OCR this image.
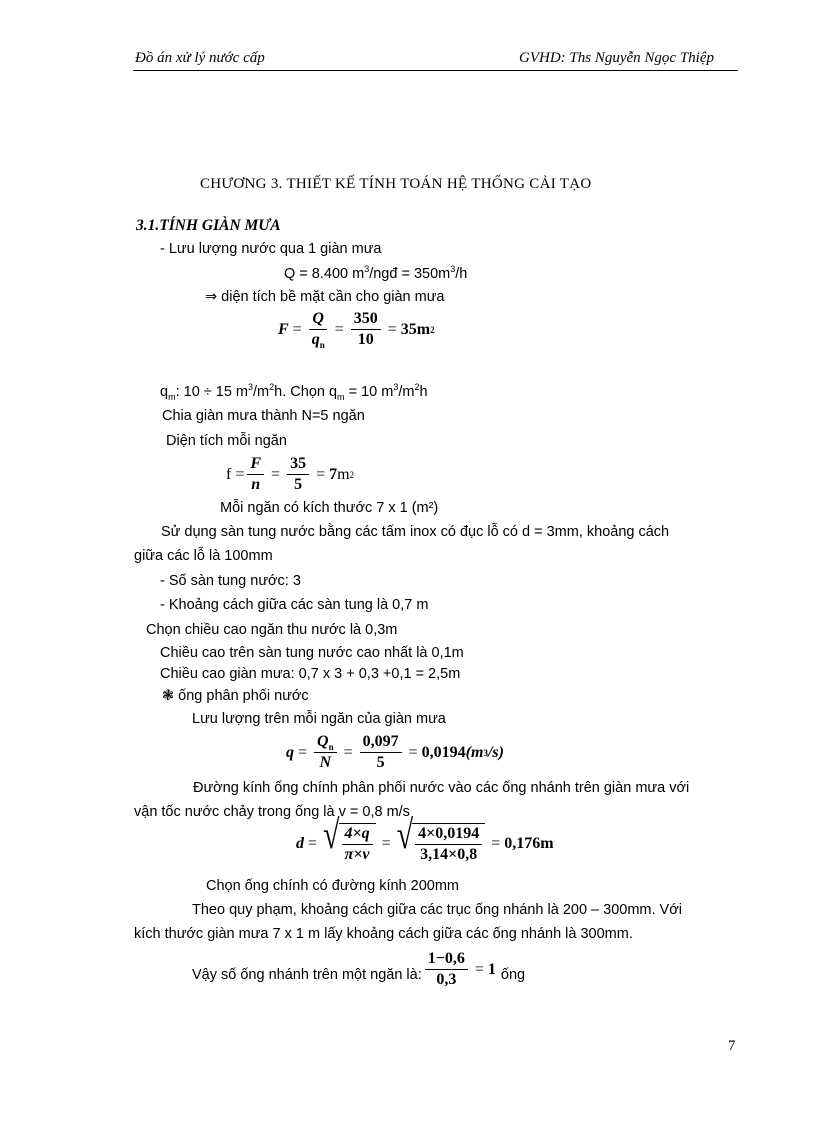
Đồ án xử lý nước cấp	GVHD: Ths Nguyễn Ngọc Thiệp
CHƯƠNG 3. THIẾT KẾ TÍNH TOÁN HỆ THỐNG CẢI TẠO
3.1.TÍNH GIÀN MƯA
- Lưu lượng nước qua 1 giàn mưa
Q = 8.400 $m^3$/ngđ = $350m^3/h$
⇒ diện tích bề mặt cần cho giàn mưa
$F = \frac{Q}{q_n} = \frac{350}{10} = 35m$ 2
$q_m$: 10 ÷ 15 $m^3/m^2h$. Chọn $q_m = 10$ $m^3/m^2h$
Chia giàn mưa thành N=5 ngăn
Diện tích mỗi ngăn
$f = \frac{F}{n} = \frac{35}{5} = 7$ m 2
Mỗi ngăn có kích thước 7 x 1 (m²)
Sử dụng sàn tung nước bằng các tấm inox có đục lỗ có d = 3mm, khoảng cách
giữa các lỗ là 100mm
- Số sàn tung nước: 3
- Khoảng cách giữa các sàn tung là 0,7 m
Chọn chiều cao ngăn thu nước là 0,3m
Chiều cao trên sàn tung nước cao nhất là 0,1m
Chiều cao giàn mưa: 0,7 x 3 + 0,3 +0,1 = 2,5m
❃ ống phân phối nước
Lưu lượng trên mỗi ngăn của giàn mưa
$q = \frac{Q_n}{N} = \frac{0,097}{5} = 0,0194$ (m 3 /s)
Đường kính ống chính phân phối nước vào các ống nhánh trên giàn mưa với
vận tốc nước chảy trong ống là v = 0,8 m/s
d = √ $\frac{4\times q}{\pi\times v}$ = √ $\frac{4\times 0,0194}{3,14\times 0,8} = 0,176m$
Chọn ống chính có đường kính 200mm
Theo quy phạm, khoảng cách giữa các trục ống nhánh là 200 – 300mm. Với
kích thước giàn mưa 7 x 1 m lấy khoảng cách giữa các ống nhánh là 300mm.
Vậy số ống nhánh trên một ngăn là: $\frac{1-0,6}{0,3} = 1$ ống
7
